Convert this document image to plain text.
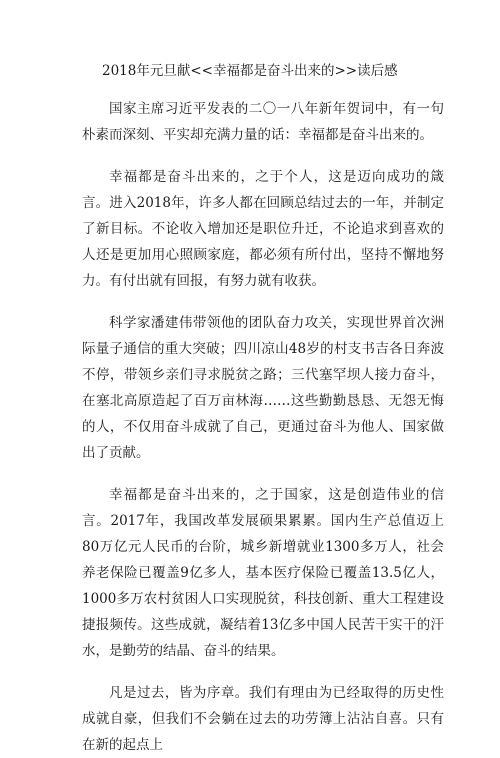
2018年元旦献<<幸福都是奋斗出来的>>读后感

国家主席习近平发表的二〇一八年新年贺词中，有一句朴素而深刻、平实却充满力量的话：幸福都是奋斗出来的。

幸福都是奋斗出来的，之于个人，这是迈向成功的箴言。进入2018年，许多人都在回顾总结过去的一年，并制定了新目标。不论收入增加还是职位升迁，不论追求到喜欢的人还是更加用心照顾家庭，都必须有所付出，坚持不懈地努力。有付出就有回报，有努力就有收获。

科学家潘建伟带领他的团队奋力攻关，实现世界首次洲际量子通信的重大突破；四川凉山48岁的村支书吉各日奔波不停，带领乡亲们寻求脱贫之路；三代塞罕坝人接力奋斗，在塞北高原造起了百万亩林海……这些勤勤恳恳、无怨无悔的人，不仅用奋斗成就了自己，更通过奋斗为他人、国家做出了贡献。

幸福都是奋斗出来的，之于国家，这是创造伟业的信言。2017年，我国改革发展硕果累累。国内生产总值迈上80万亿元人民币的台阶，城乡新增就业1300多万人，社会养老保险已覆盖9亿多人，基本医疗保险已覆盖13.5亿人，1000多万农村贫困人口实现脱贫，科技创新、重大工程建设捷报频传。这些成就，凝结着13亿多中国人民苦干实干的汗水，是勤劳的结晶、奋斗的结果。

凡是过去，皆为序章。我们有理由为已经取得的历史性成就自豪，但我们不会躺在过去的功劳簿上沾沾自喜。只有在新的起点上
